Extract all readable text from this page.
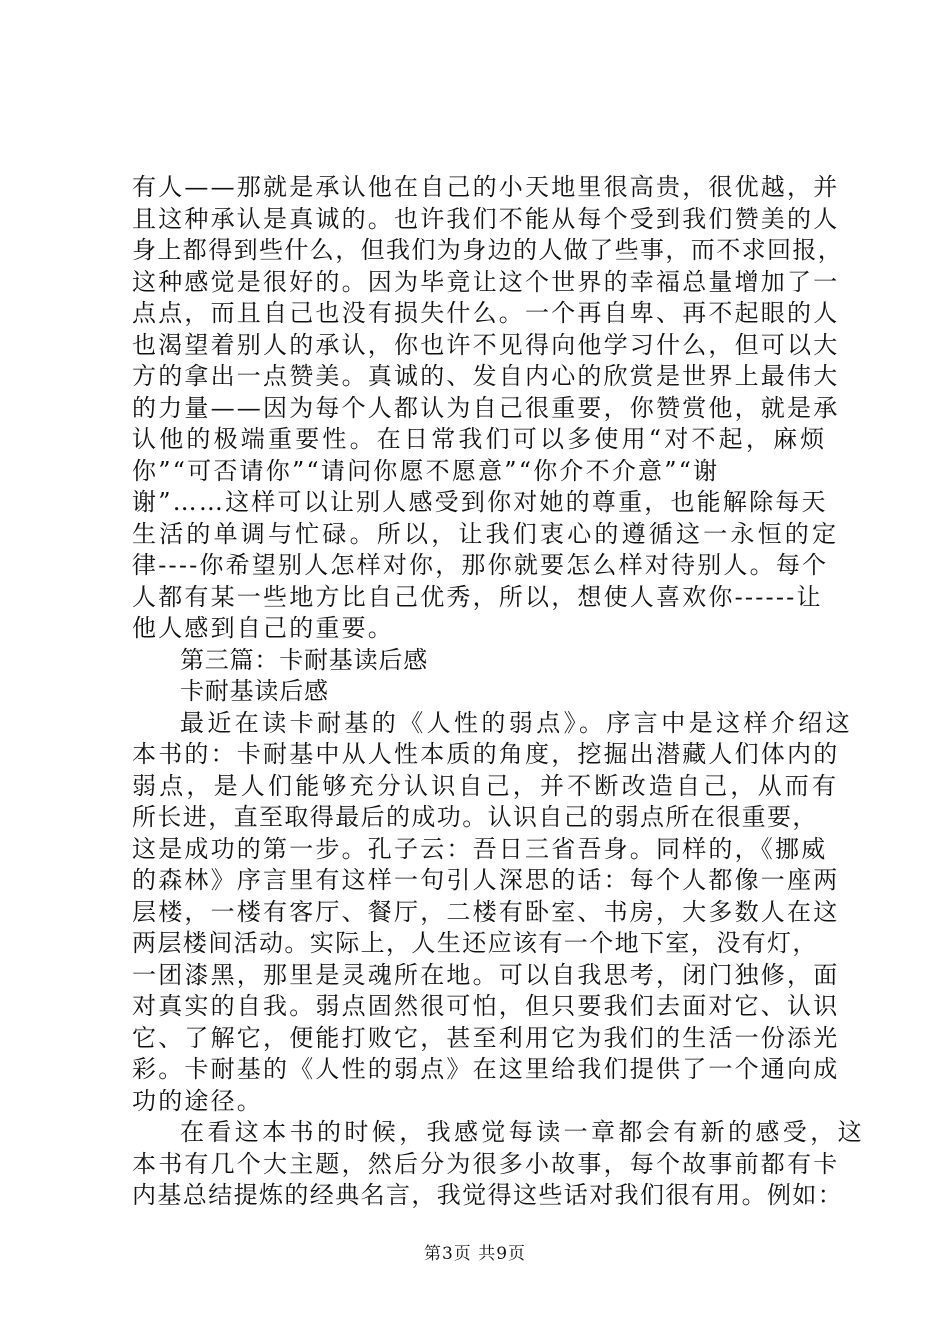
有人——那就是承认他在自己的小天地里很高贵，很优越，并
且这种承认是真诚的。也许我们不能从每个受到我们赞美的人
身上都得到些什么，但我们为身边的人做了些事，而不求回报，
这种感觉是很好的。因为毕竟让这个世界的幸福总量增加了一
点点，而且自己也没有损失什么。一个再自卑、再不起眼的人
也渴望着别人的承认，你也许不见得向他学习什么，但可以大
方的拿出一点赞美。真诚的、发自内心的欣赏是世界上最伟大
的力量——因为每个人都认为自己很重要，你赞赏他，就是承
认他的极端重要性。在日常我们可以多使用“对不起，麻烦
你”“可否请你”“请问你愿不愿意”“你介不介意”“谢
谢”……这样可以让别人感受到你对她的尊重，也能解除每天
生活的单调与忙碌。所以，让我们衷心的遵循这一永恒的定
律----你希望别人怎样对你，那你就要怎么样对待别人。每个
人都有某一些地方比自己优秀，所以，想使人喜欢你------让
他人感到自己的重要。
第三篇：卡耐基读后感
卡耐基读后感
最近在读卡耐基的《人性的弱点》。序言中是这样介绍这
本书的：卡耐基中从人性本质的角度，挖掘出潜藏人们体内的
弱点，是人们能够充分认识自己，并不断改造自己，从而有
所长进，直至取得最后的成功。认识自己的弱点所在很重要，
这是成功的第一步。孔子云：吾日三省吾身。同样的，《挪威
的森林》序言里有这样一句引人深思的话：每个人都像一座两
层楼，一楼有客厅、餐厅，二楼有卧室、书房，大多数人在这
两层楼间活动。实际上，人生还应该有一个地下室，没有灯，
一团漆黑，那里是灵魂所在地。可以自我思考，闭门独修，面
对真实的自我。弱点固然很可怕，但只要我们去面对它、认识
它、了解它，便能打败它，甚至利用它为我们的生活一份添光
彩。卡耐基的《人性的弱点》在这里给我们提供了一个通向成
功的途径。
在看这本书的时候，我感觉每读一章都会有新的感受，这
本书有几个大主题，然后分为很多小故事，每个故事前都有卡
内基总结提炼的经典名言，我觉得这些话对我们很有用。例如：
第3页 共9页
